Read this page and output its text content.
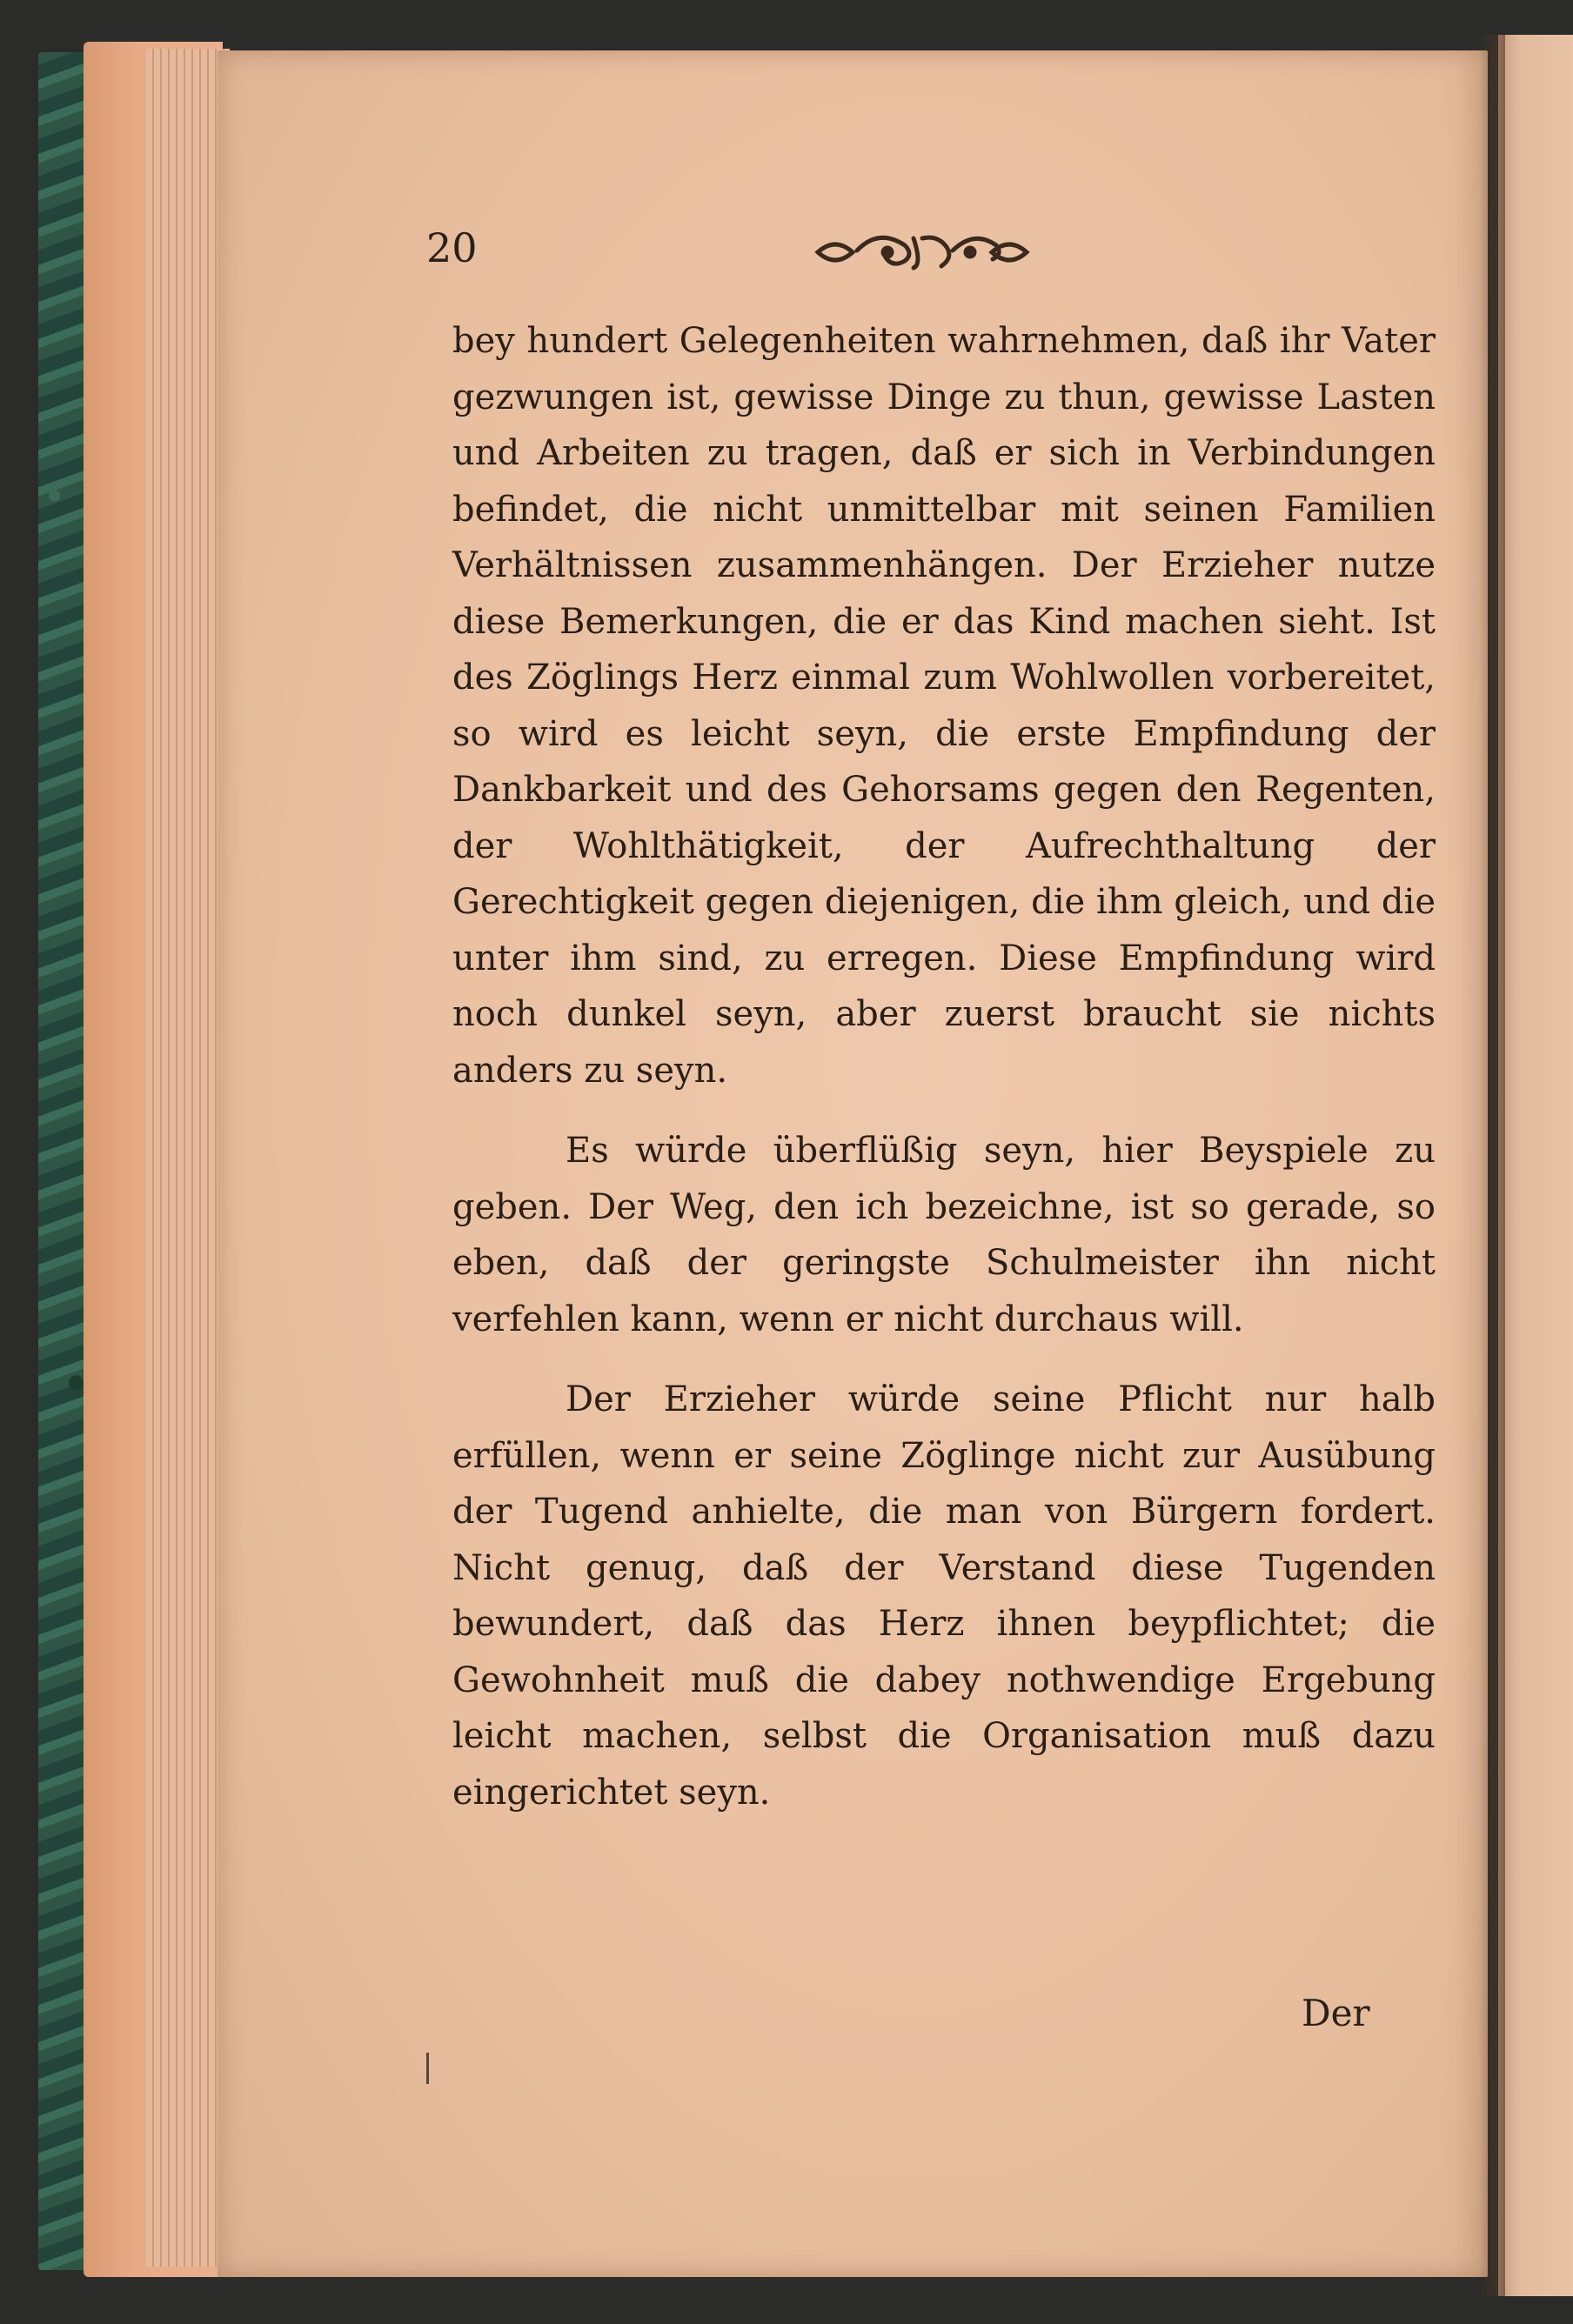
20

bey hundert Gelegenheiten wahrnehmen, daß ihr Vater gezwungen ist, gewisse Dinge zu thun, gewisse Lasten und Arbeiten zu tragen, daß er sich in Verbindungen befindet, die nicht unmittelbar mit seinen Familien Verhältnissen zusammenhängen. Der Erzieher nutze diese Bemerkungen, die er das Kind machen sieht. Ist des Zöglings Herz einmal zum Wohlwollen vorbereitet, so wird es leicht seyn, die erste Empfindung der Dankbarkeit und des Gehorsams gegen den Regenten, der Wohlthätigkeit, der Aufrechthaltung der Gerechtigkeit gegen diejenigen, die ihm gleich, und die unter ihm sind, zu erregen. Diese Empfindung wird noch dunkel seyn, aber zuerst braucht sie nichts anders zu seyn.

Es würde überflüßig seyn, hier Beyspiele zu geben. Der Weg, den ich bezeichne, ist so gerade, so eben, daß der geringste Schulmeister ihn nicht verfehlen kann, wenn er nicht durchaus will.

Der Erzieher würde seine Pflicht nur halb erfüllen, wenn er seine Zöglinge nicht zur Ausübung der Tugend anhielte, die man von Bürgern fordert. Nicht genug, daß der Verstand diese Tugenden bewundert, daß das Herz ihnen beypflichtet; die Gewohnheit muß die dabey nothwendige Ergebung leicht machen, selbst die Organisation muß dazu eingerichtet seyn.

Der
